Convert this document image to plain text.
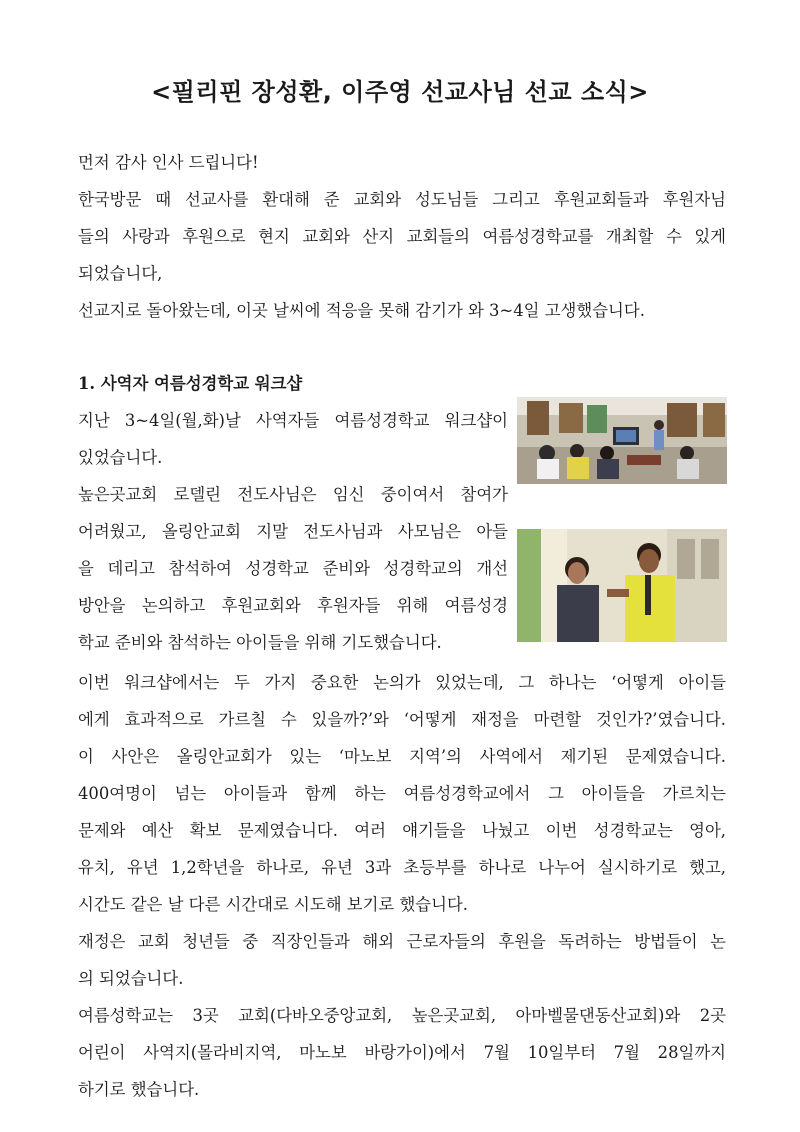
<필리핀 장성환, 이주영 선교사님 선교 소식>

먼저 감사 인사 드립니다!

한국방문 때 선교사를 환대해 준 교회와 성도님들 그리고 후원교회들과 후원자님

들의 사랑과 후원으로 현지 교회와 산지 교회들의 여름성경학교를 개최할 수 있게

되었습니다,

선교지로 돌아왔는데, 이곳 날씨에 적응을 못해 감기가 와 3~4일 고생했습니다.

1. 사역자 여름성경학교 워크샵

지난 3~4일(월,화)날 사역자들 여름성경학교 워크샵이

있었습니다.

높은곳교회 로델린 전도사님은 임신 중이여서 참여가

어려웠고, 올링안교회 지말 전도사님과 사모님은 아들

을 데리고 참석하여 성경학교 준비와 성경학교의 개선

방안을 논의하고 후원교회와 후원자들 위해 여름성경

학교 준비와 참석하는 아이들을 위해 기도했습니다.

이번 워크샵에서는 두 가지 중요한 논의가 있었는데, 그 하나는 ‘어떻게 아이들

에게 효과적으로 가르칠 수 있을까?’와 ‘어떻게 재정을 마련할 것인가?’였습니다.

이 사안은 올링안교회가 있는 ‘마노보 지역’의 사역에서 제기된 문제였습니다.

400여명이 넘는 아이들과 함께 하는 여름성경학교에서 그 아이들을 가르치는

문제와 예산 확보 문제였습니다. 여러 얘기들을 나눴고 이번 성경학교는 영아,

유치, 유년 1,2학년을 하나로, 유년 3과 초등부를 하나로 나누어 실시하기로 했고,

시간도 같은 날 다른 시간대로 시도해 보기로 했습니다.

재정은 교회 청년들 중 직장인들과 해외 근로자들의 후원을 독려하는 방법들이 논

의 되었습니다.

여름성학교는 3곳 교회(다바오중앙교회, 높은곳교회, 아마벨물댄동산교회)와 2곳

어린이 사역지(몰라비지역, 마노보 바랑가이)에서 7월 10일부터 7월 28일까지

하기로 했습니다.
